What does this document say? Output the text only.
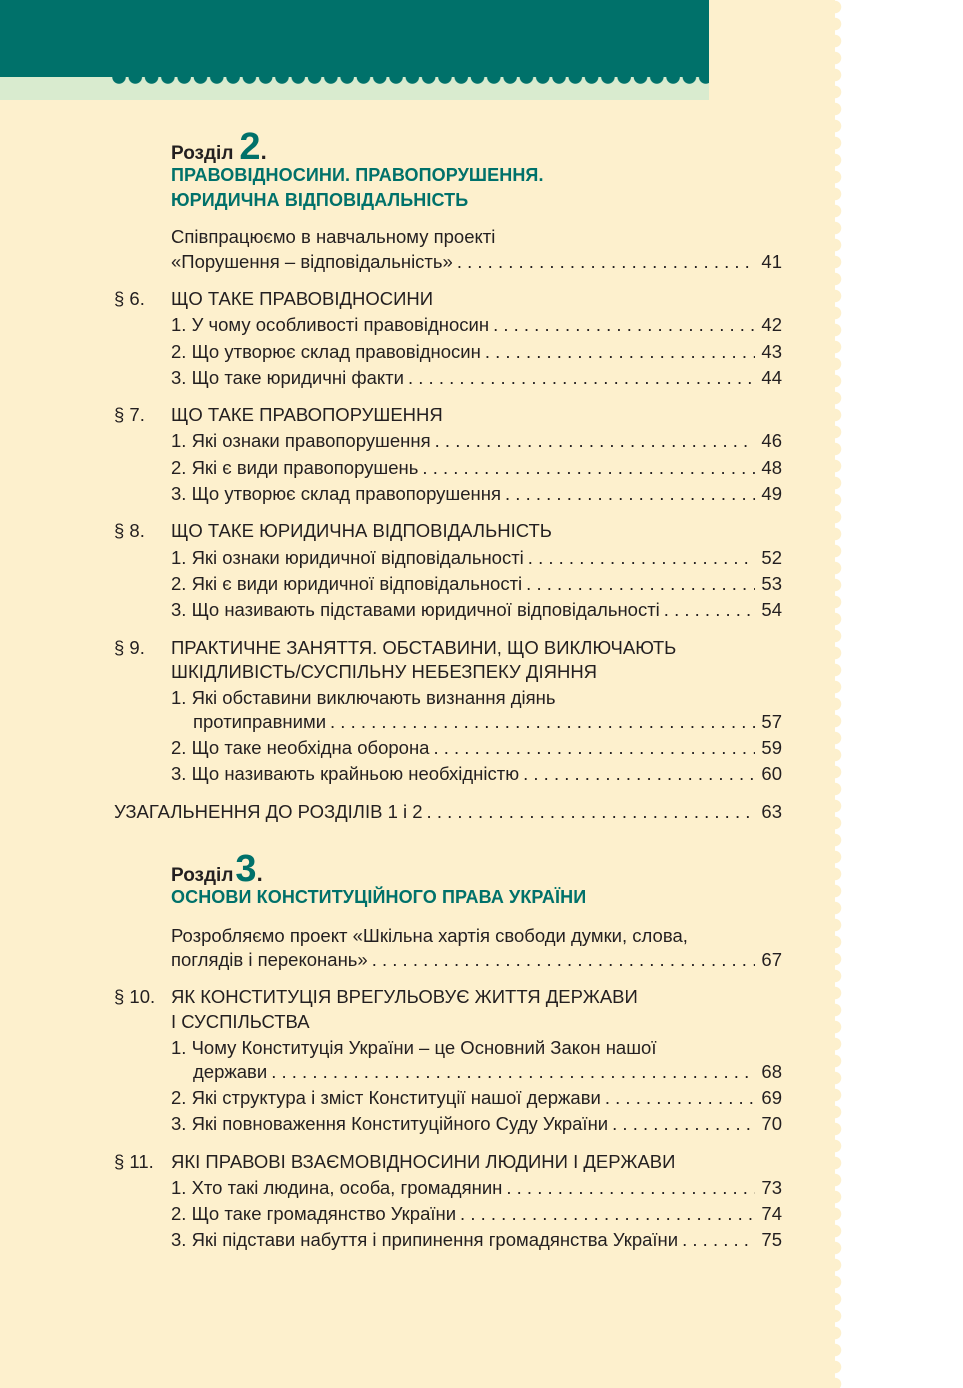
Розділ 2.
ПРАВОВІДНОСИНИ. ПРАВОПОРУШЕННЯ.
ЮРИДИЧНА ВІДПОВІДАЛЬНІСТЬ
Співпрацюємо в навчальному проекті
«Порушення – відповідальність» . . .	41
§ 6.	ЩО ТАКЕ ПРАВОВІДНОСИНИ
1. У чому особливості правовідносин . . .	42
2. Що утворює склад правовідносин . . .	43
3. Що таке юридичні факти . . .	44
§ 7.	ЩО ТАКЕ ПРАВОПОРУШЕННЯ
1. Які ознаки правопорушення . . .	46
2. Які є види правопорушень . . .	48
3. Що утворює склад правопорушення . . .	49
§ 8.	ЩО ТАКЕ ЮРИДИЧНА ВІДПОВІДАЛЬНІСТЬ
1. Які ознаки юридичної відповідальності . . .	52
2. Які є види юридичної відповідальності . . .	53
3. Що називають підставами юридичної відповідальності . . .	54
§ 9.	ПРАКТИЧНЕ ЗАНЯТТЯ. ОБСТАВИНИ, ЩО ВИКЛЮЧАЮТЬ
ШКІДЛИВІСТЬ/СУСПІЛЬНУ НЕБЕЗПЕКУ ДІЯННЯ
1. Які обставини виключають визнання діянь
протиправними . . .	57
2. Що таке необхідна оборона . . .	59
3. Що називають крайньою необхідністю . . .	60
УЗАГАЛЬНЕННЯ ДО РОЗДІЛІВ 1 і 2 . . .	63
Розділ3.
ОСНОВИ КОНСТИТУЦІЙНОГО ПРАВА УКРАЇНИ
Розробляємо проект «Шкільна хартія свободи думки, слова,
поглядів і переконань» . . .	67
§ 10. ЯК КОНСТИТУЦІЯ ВРЕГУЛЬОВУЄ ЖИТТЯ ДЕРЖАВИ
І СУСПІЛЬСТВА
1. Чому Конституція України – це Основний Закон нашої
держави . . .	68
2. Які структура і зміст Конституції нашої держави . . .	69
3. Які повноваження Конституційного Суду України . . .	70
§ 11. ЯКІ ПРАВОВІ ВЗАЄМОВІДНОСИНИ ЛЮДИНИ І ДЕРЖАВИ
1. Хто такі людина, особа, громадянин . . .	73
2. Що таке громадянство України . . .	74
3. Які підстави набуття і припинення громадянства України . . .	75
